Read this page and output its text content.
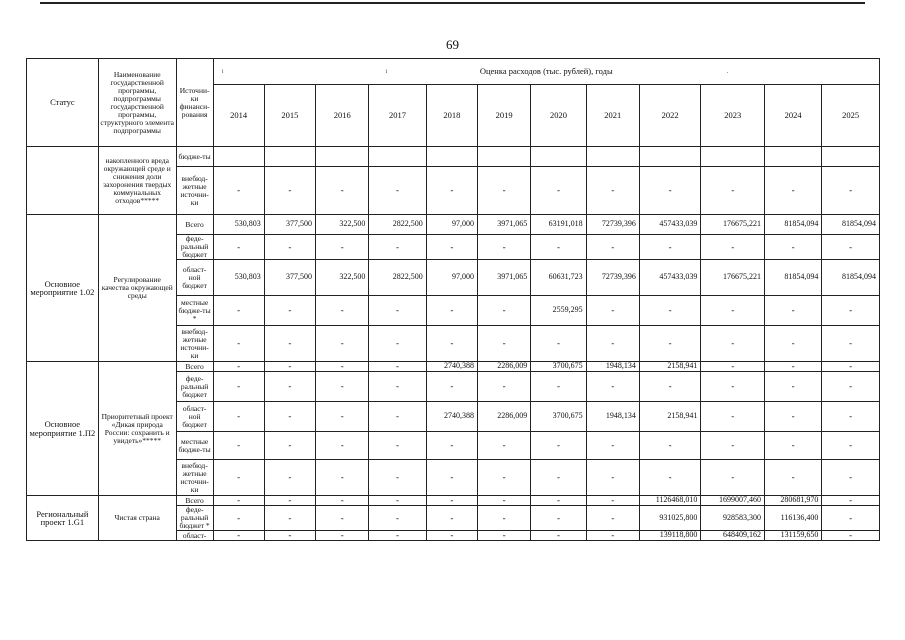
69
Статус	Наименование государственной программы, подпрограммы государственной программы, структурного элемента подпрограммы	Источни-ки финанси-рования	ι ı Оценка расходов (тыс. рублей), годы .											

			2014	2015	2016	2017	2018	2019	2020	2021	2022	2023	2024	2025
	накопленного вреда окружающей среде и снижения доли захоронения твердых коммунальных отходов*****	бюдже-ты												
		внебюд-жетные источни-ки	-	-	-	-	-	-	-	-	-	-	-	-
Основное мероприятие 1.02	Регулирование качества окружающей среды	Всего	530,803	377,500	322,500	2822,500	97,000	3971,065	63191,018	72739,396	457433,039	176675,221	81854,094	81854,094
		феде-ральный бюджет	-	-	-	-	-	-	-	-	-	-	-	-
		област-ной бюджет	530,803	377,500	322,500	2822,500	97,000	3971,065	60631,723	72739,396	457433,039	176675,221	81854,094	81854,094
		местные бюдже-ты *	-	-	-	-	-	-	2559,295	-	-	-	-	-
		внебюд-жетные источни-ки	-	-	-	-	-	-	-	-	-	-	-	-
Основное мероприятие 1.П2	Приоритетный проект «Дикая природа России: сохранить и увидеть»*****	Всего	-	-	-	-	2740,388	2286,009	3700,675	1948,134	2158,941	-	-	-
		феде-ральный бюджет	-	-	-	-	-	-	-	-	-	-	-	-
		област-ной бюджет	-	-	-	-	2740,388	2286,009	3700,675	1948,134	2158,941	-	-	-
		местные бюдже-ты	-	-	-	-	-	-	-	-	-	-	-	-
		внебюд-жетные источни-ки	-	-	-	-	-	-	-	-	-	-	-	-
Региональный проект 1.G1	Чистая страна	Всего	-	-	-	-	-	-	-	-	1126468,010	1699007,460	280681,970	-
		феде-ральный бюджет *	-	-	-	-	-	-	-	-	931025,800	928583,300	116136,400	-
		област-	-	-	-	-	-	-	-	-	139118,800	648409,162	131159,650	-
